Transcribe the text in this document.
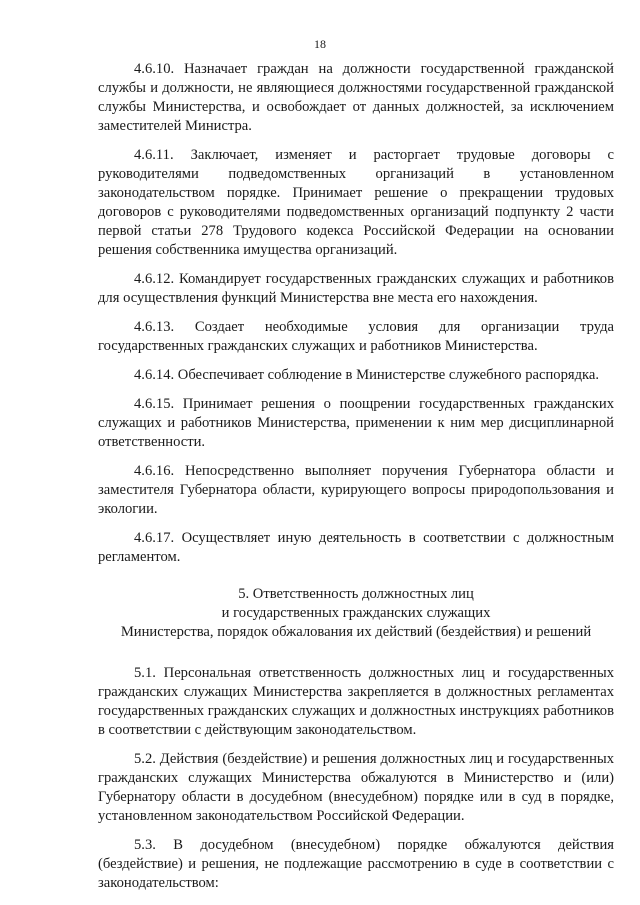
18

4.6.10. Назначает граждан на должности государственной гражданской службы и должности, не являющиеся должностями государственной гражданской службы Министерства, и освобождает от данных должностей, за исключением заместителей Министра.

4.6.11. Заключает, изменяет и расторгает трудовые договоры с руководителями подведомственных организаций в установленном законодательством порядке. Принимает решение о прекращении трудовых договоров с руководителями подведомственных организаций подпункту 2 части первой статьи 278 Трудового кодекса Российской Федерации на основании решения собственника имущества организаций.

4.6.12. Командирует государственных гражданских служащих и работников для осуществления функций Министерства вне места его нахождения.

4.6.13. Создает необходимые условия для организации труда государственных гражданских служащих и работников Министерства.

4.6.14. Обеспечивает соблюдение в Министерстве служебного распорядка.

4.6.15. Принимает решения о поощрении государственных гражданских служащих и работников Министерства, применении к ним мер дисциплинарной ответственности.

4.6.16. Непосредственно выполняет поручения Губернатора области и заместителя Губернатора области, курирующего вопросы природопользования и экологии.

4.6.17. Осуществляет иную деятельность в соответствии с должностным регламентом.

5. Ответственность должностных лиц
и государственных гражданских служащих
Министерства, порядок обжалования их действий (бездействия) и решений

5.1. Персональная ответственность должностных лиц и государственных гражданских служащих Министерства закрепляется в должностных регламентах государственных гражданских служащих и должностных инструкциях работников в соответствии с действующим законодательством.

5.2. Действия (бездействие) и решения должностных лиц и государственных гражданских служащих Министерства обжалуются в Министерство и (или) Губернатору области в досудебном (внесудебном) порядке или в суд в порядке, установленном законодательством Российской Федерации.

5.3. В досудебном (внесудебном) порядке обжалуются действия (бездействие) и решения, не подлежащие рассмотрению в суде в соответствии с законодательством:
